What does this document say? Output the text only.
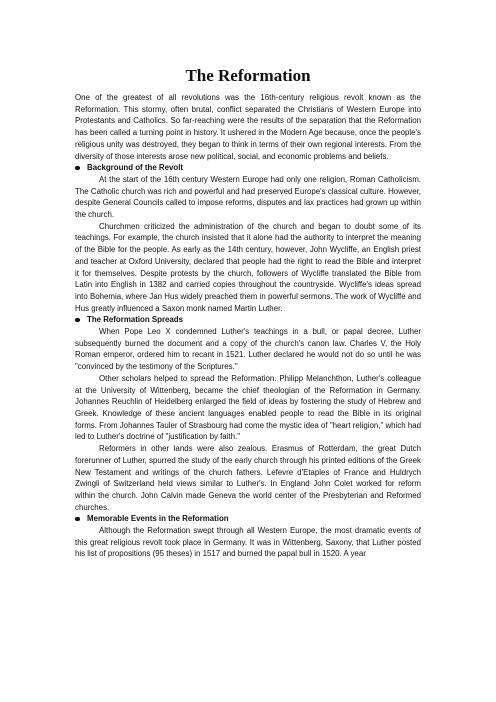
The Reformation

One of the greatest of all revolutions was the 16th-century religious revolt known as the Reformation. This stormy, often brutal, conflict separated the Christians of Western Europe into Protestants and Catholics. So far-reaching were the results of the separation that the Reformation has been called a turning point in history. It ushered in the Modern Age because, once the people's religious unity was destroyed, they began to think in terms of their own regional interests. From the diversity of those interests arose new political, social, and economic problems and beliefs.

Background of the Revolt

At the start of the 16th century Western Europe had only one religion, Roman Catholicism. The Catholic church was rich and powerful and had preserved Europe's classical culture. However, despite General Councils called to impose reforms, disputes and lax practices had grown up within the church.

Churchmen criticized the administration of the church and began to doubt some of its teachings. For example, the church insisted that it alone had the authority to interpret the meaning of the Bible for the people. As early as the 14th century, however, John Wycliffe, an English priest and teacher at Oxford University, declared that people had the right to read the Bible and interpret it for themselves. Despite protests by the church, followers of Wycliffe translated the Bible from Latin into English in 1382 and carried copies throughout the countryside. Wycliffe's ideas spread into Bohemia, where Jan Hus widely preached them in powerful sermons. The work of Wycliffe and Hus greatly influenced a Saxon monk named Martin Luther.

The Reformation Spreads

When Pope Leo X condemned Luther's teachings in a bull, or papal decree, Luther subsequently burned the document and a copy of the church's canon law. Charles V, the Holy Roman emperor, ordered him to recant in 1521. Luther declared he would not do so until he was "convinced by the testimony of the Scriptures."

Other scholars helped to spread the Reformation. Philipp Melanchthon, Luther's colleague at the University of Wittenberg, became the chief theologian of the Reformation in Germany. Johannes Reuchlin of Heidelberg enlarged the field of ideas by fostering the study of Hebrew and Greek. Knowledge of these ancient languages enabled people to read the Bible in its original forms. From Johannes Tauler of Strasbourg had come the mystic idea of "heart religion," which had led to Luther's doctrine of "justification by faith."

Reformers in other lands were also zealous. Erasmus of Rotterdam, the great Dutch forerunner of Luther, spurred the study of the early church through his printed editions of the Greek New Testament and writings of the church fathers. Lefevre d'Etaples of France and Huldrych Zwingli of Switzerland held views similar to Luther's. In England John Colet worked for reform within the church. John Calvin made Geneva the world center of the Presbyterian and Reformed churches.

Memorable Events in the Reformation

Although the Reformation swept through all Western Europe, the most dramatic events of this great religious revolt took place in Germany. It was in Wittenberg, Saxony, that Luther posted his list of propositions (95 theses) in 1517 and burned the papal bull in 1520. A year
